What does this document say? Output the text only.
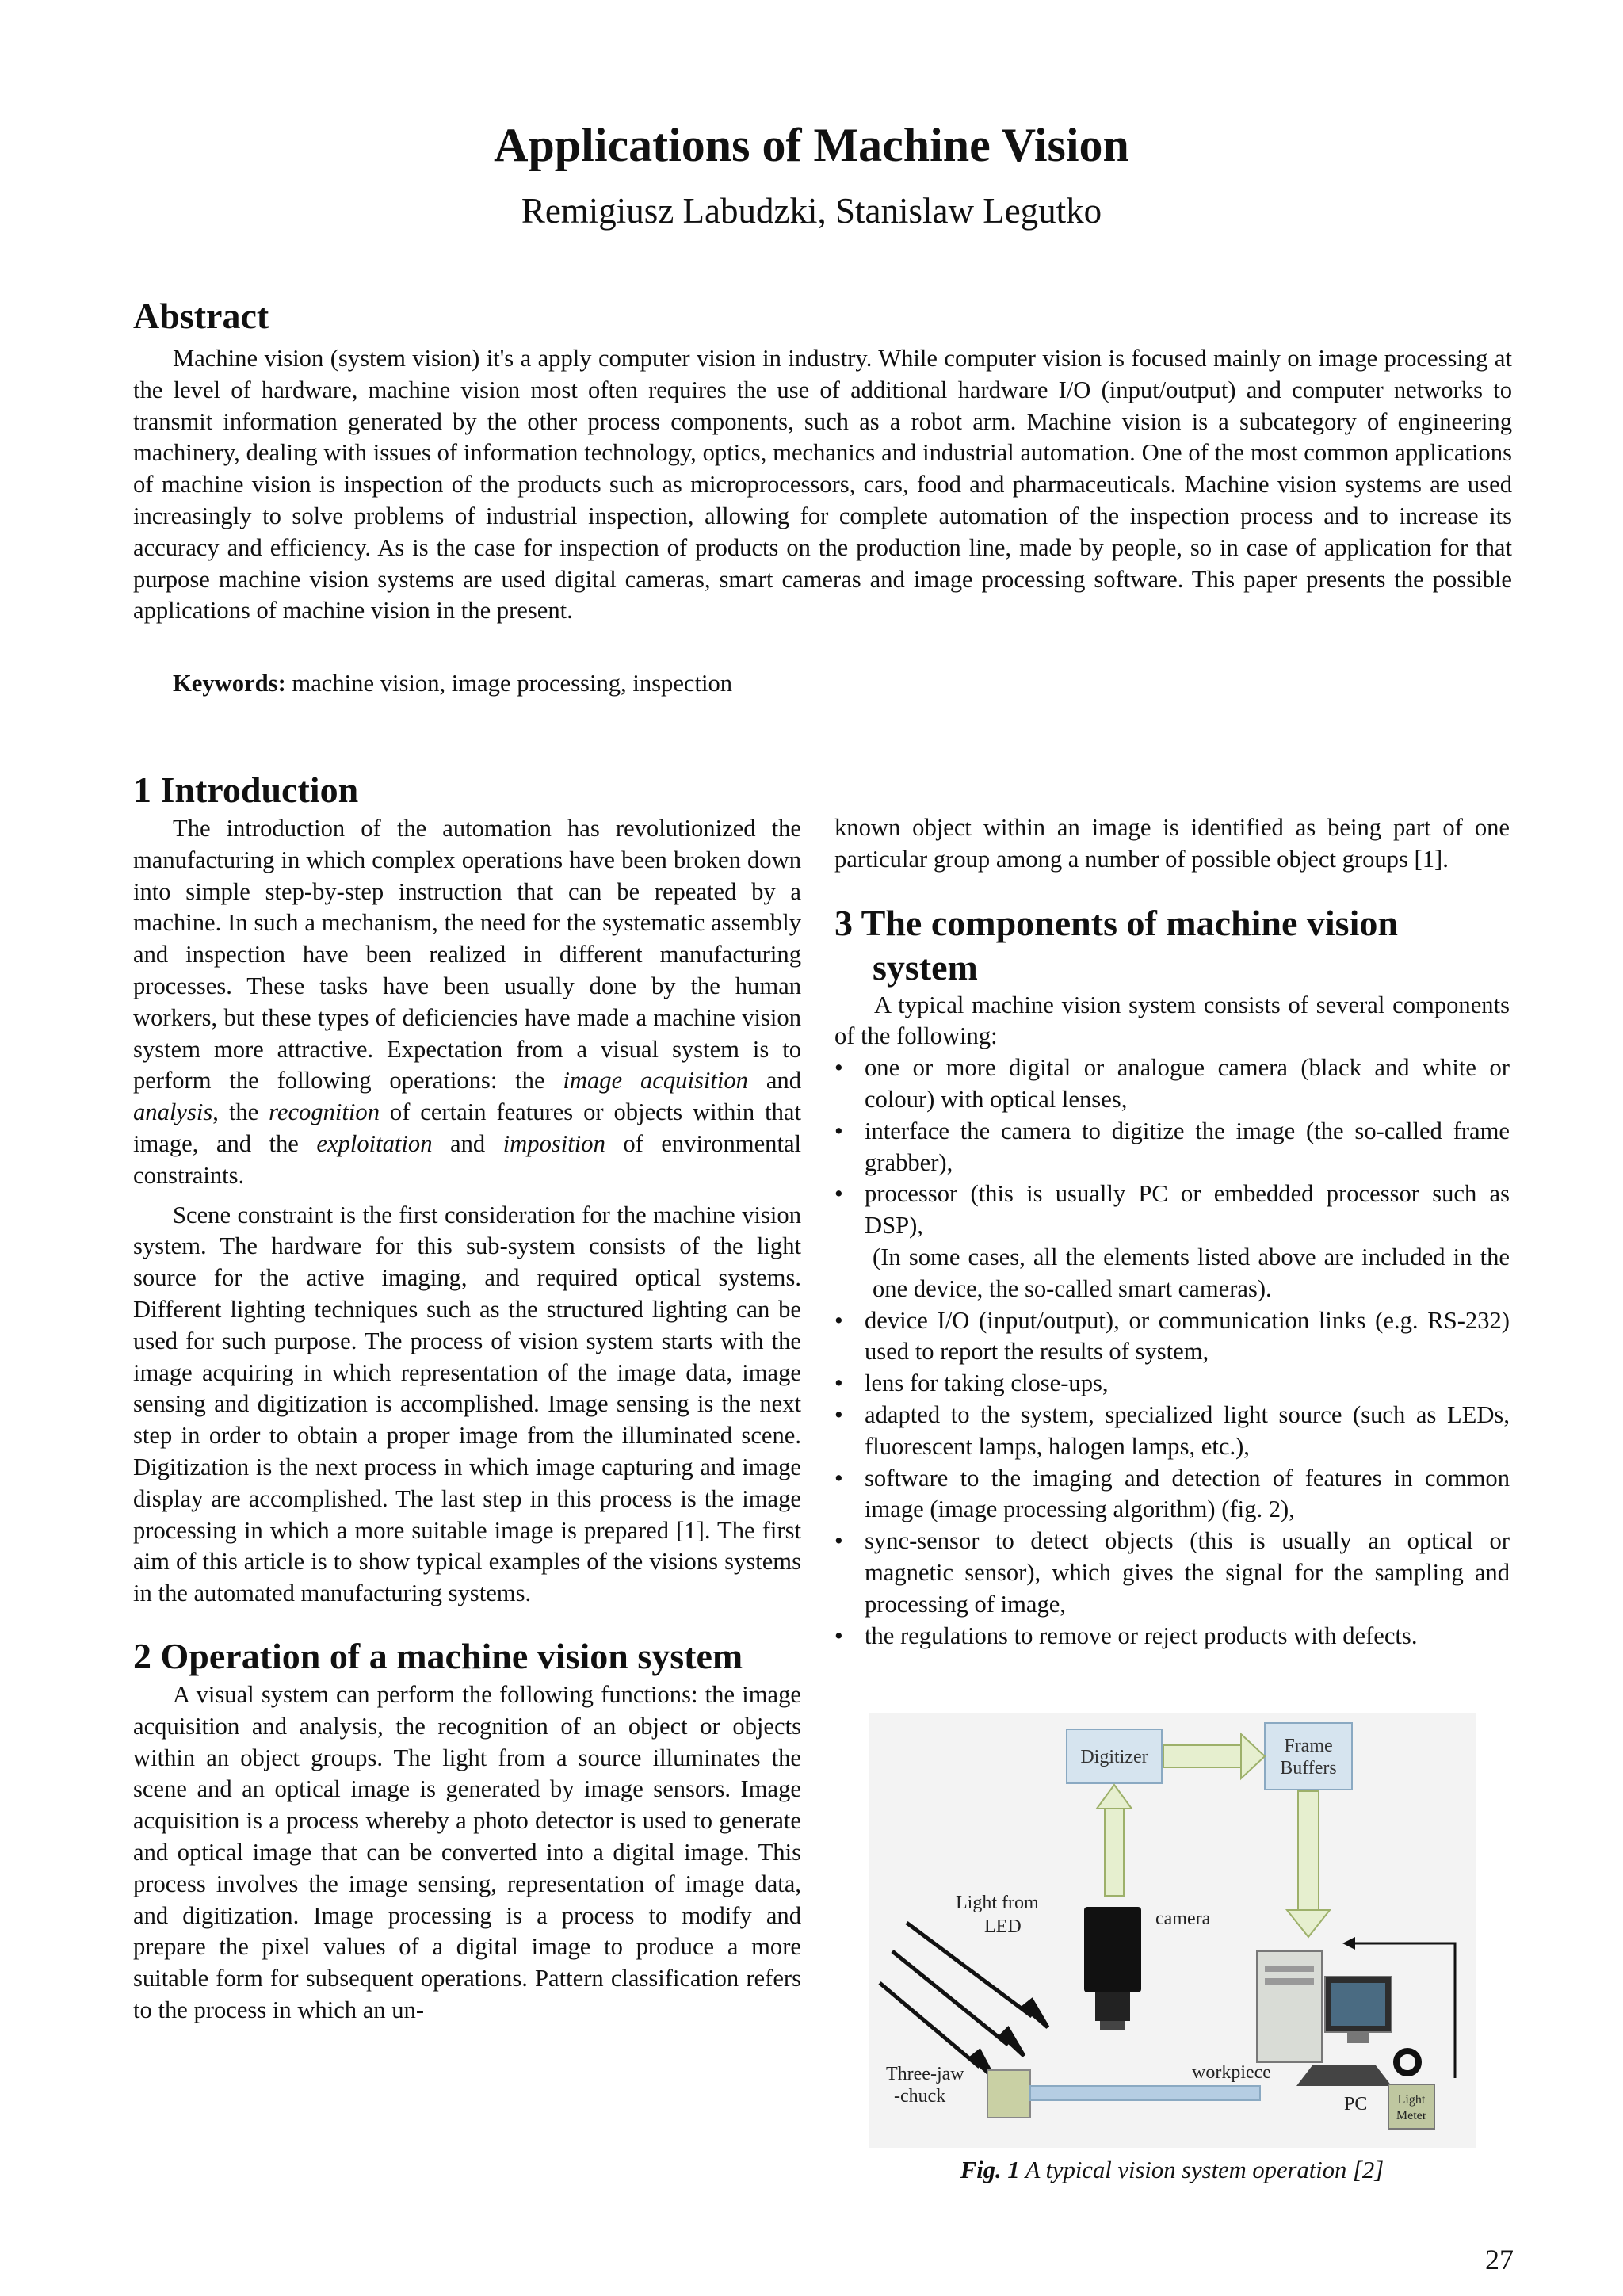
Applications of Machine Vision
Remigiusz Labudzki, Stanislaw Legutko
Abstract

Machine vision (system vision) it's a apply computer vision in industry. While computer vision is focused mainly on image processing at the level of hardware, machine vision most often requires the use of additional hardware I/O (input/output) and computer networks to transmit information generated by the other process components, such as a robot arm. Machine vision is a subcategory of engineering machinery, dealing with issues of information technology, optics, mechanics and industrial automation. One of the most common applications of machine vision is inspection of the products such as microprocessors, cars, food and pharmaceuticals. Machine vision systems are used increasingly to solve problems of industrial inspection, allowing for complete automation of the inspection process and to increase its accuracy and efficiency. As is the case for inspection of products on the production line, made by people, so in case of application for that purpose machine vision systems are used digital cameras, smart cameras and image processing software. This paper presents the possible applications of machine vision in the present.

Keywords: machine vision, image processing, inspection

1 Introduction

The introduction of the automation has revolutionized the manufacturing in which complex operations have been broken down into simple step-by-step instruction that can be repeated by a machine. In such a mechanism, the need for the systematic assembly and inspection have been realized in different manufacturing processes. These tasks have been usually done by the human workers, but these types of deficiencies have made a machine vision system more attractive. Expectation from a visual system is to perform the following operations: the image acquisition and analysis, the recognition of certain features or objects within that image, and the exploitation and imposition of environmental constraints.

Scene constraint is the first consideration for the machine vision system. The hardware for this sub-system consists of the light source for the active imaging, and required optical systems. Different lighting techniques such as the structured lighting can be used for such purpose. The process of vision system starts with the image acquiring in which representation of the image data, image sensing and digitization is accomplished. Image sensing is the next step in order to obtain a proper image from the illuminated scene. Digitization is the next process in which image capturing and image display are accomplished. The last step in this process is the image processing in which a more suitable image is prepared [1]. The first aim of this article is to show typical examples of the visions systems in the automated manufacturing systems.

2 Operation of a machine vision system

A visual system can perform the following functions: the image acquisition and analysis, the recognition of an object or objects within an object groups. The light from a source illuminates the scene and an optical image is generated by image sensors. Image acquisition is a process whereby a photo detector is used to generate and optical image that can be converted into a digital image. This process involves the image sensing, representation of image data, and digitization. Image processing is a process to modify and prepare the pixel values of a digital image to produce a more suitable form for subsequent operations. Pattern classification refers to the process in which an un-

known object within an image is identified as being part of one particular group among a number of possible object groups [1].

3 The components of machine vision system

A typical machine vision system consists of several components of the following:

• one or more digital or analogue camera (black and white or colour) with optical lenses,
• interface the camera to digitize the image (the so-called frame grabber),
• processor (this is usually PC or embedded processor such as DSP),
(In some cases, all the elements listed above are included in the one device, the so-called smart cameras).
• device I/O (input/output), or communication links (e.g. RS-232) used to report the results of system,
• lens for taking close-ups,
• adapted to the system, specialized light source (such as LEDs, fluorescent lamps, halogen lamps, etc.),
• software to the imaging and detection of features in common image (image processing algorithm) (fig. 2),
• sync-sensor to detect objects (this is usually an optical or magnetic sensor), which gives the signal for the sampling and processing of image,
• the regulations to remove or reject products with defects.
Digitizer
Frame
Buffers
camera
Light from
LED
PC Light
Meter
Three-jaw
-chuck
workpiece
Fig. 1 A typical vision system operation [2]
27
